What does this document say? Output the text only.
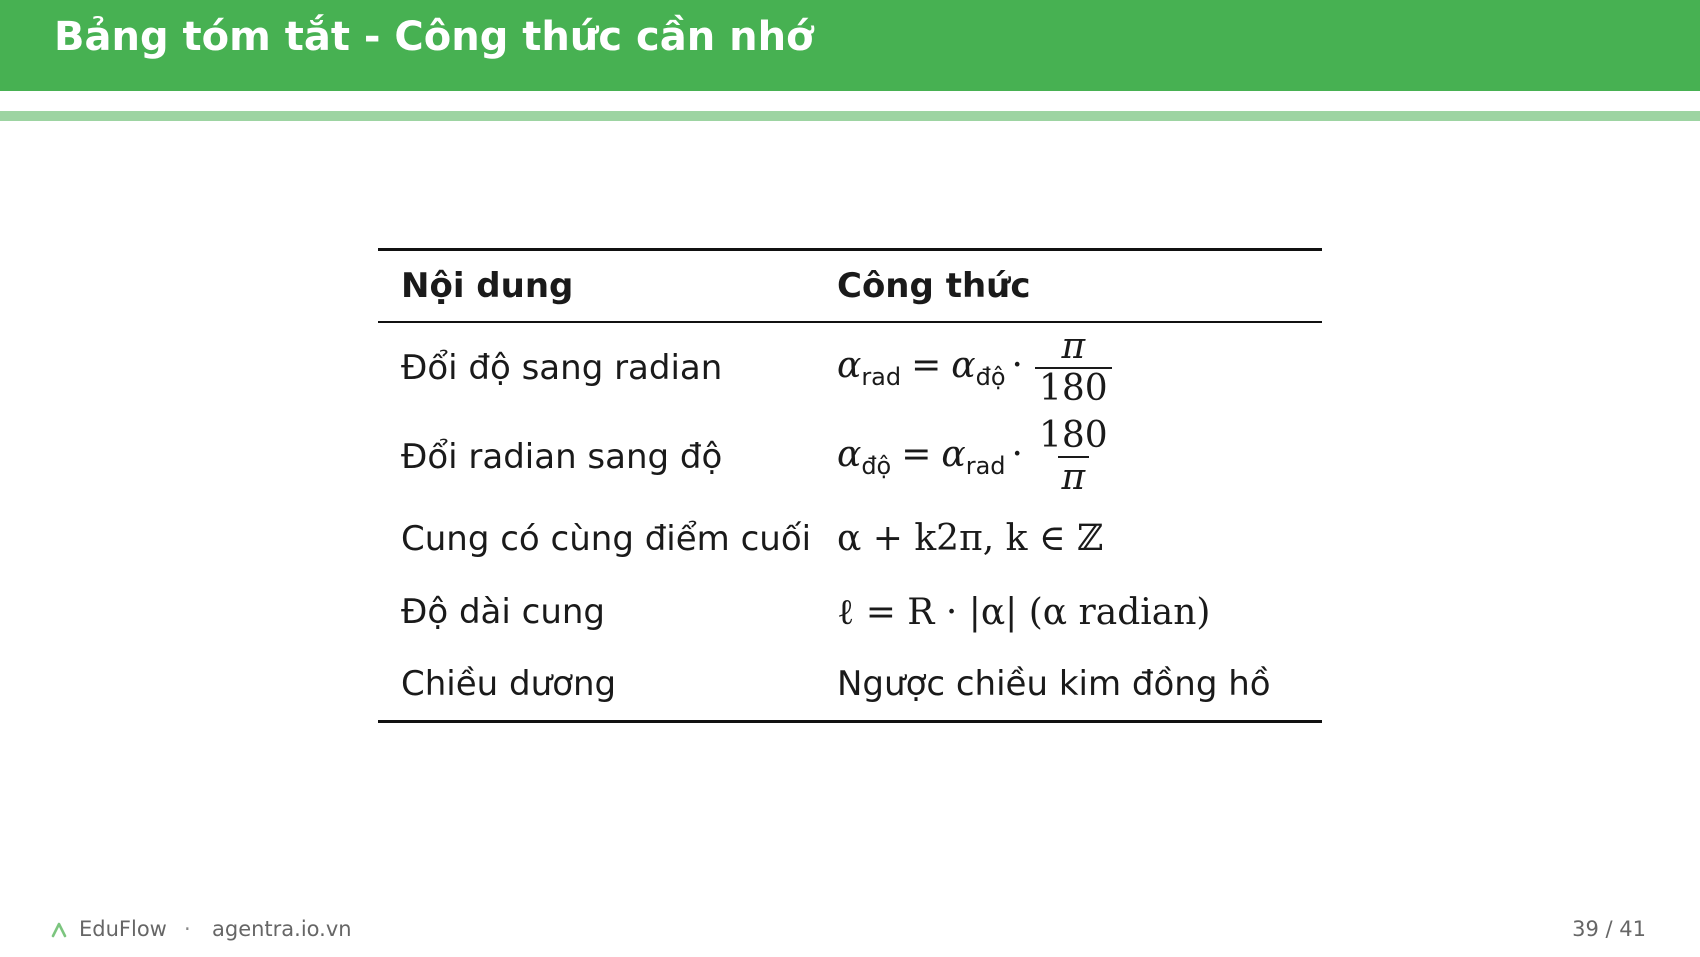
Bảng tóm tắt - Công thức cần nhớ
Nội dung	Công thức
Đổi độ sang radian	$\alpha_{rad} = \alpha_{độ} \cdot \frac{\pi}{180}$

Đổi radian sang độ	$\alpha_{độ} = \alpha_{rad} \cdot \frac{180}{\pi}$

Cung có cùng điểm cuối	α + k2π, k ∈ ℤ
Độ dài cung	ℓ = R · |α| (α radian)
Chiều dương	Ngược chiều kim đồng hồ
EduFlow · agentra.io.vn	39 / 41
